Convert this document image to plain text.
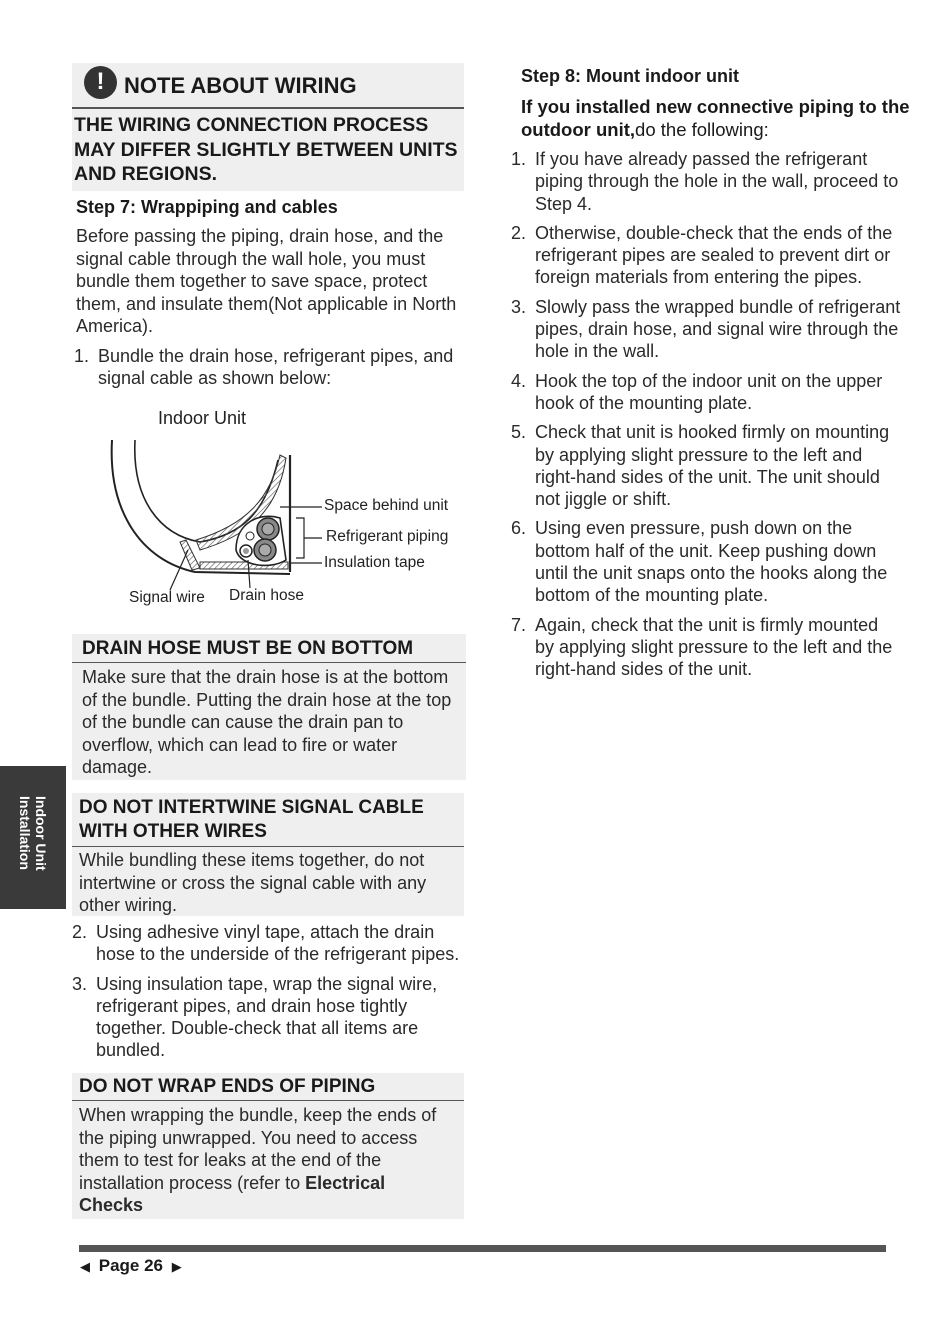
! NOTE ABOUT WIRING
THE WIRING CONNECTION PROCESS MAY DIFFER SLIGHTLY BETWEEN UNITS AND REGIONS.
Step 7: Wrappiping and cables
Before passing the piping, drain hose, and the signal cable through the wall hole, you must bundle them together to save space, protect them, and insulate them(Not applicable in North America).
1. Bundle the drain hose, refrigerant pipes, and signal cable as shown below:
Indoor Unit
Space behind unit
Refrigerant piping
Insulation tape
Signal wire Drain hose
DRAIN HOSE MUST BE ON BOTTOM
Make sure that the drain hose is at the bottom of the bundle. Putting the drain hose at the top of the bundle can cause the drain pan to overflow, which can lead to fire or water damage.
DO NOT INTERTWINE SIGNAL CABLE WITH OTHER WIRES
While bundling these items together, do not intertwine or cross the signal cable with any other wiring.
2. Using adhesive vinyl tape, attach the drain hose to the underside of the refrigerant pipes.
3. Using insulation tape, wrap the signal wire, refrigerant pipes, and drain hose tightly together. Double-check that all items are bundled.
DO NOT WRAP ENDS OF PIPING
When wrapping the bundle, keep the ends of the piping unwrapped. You need to access them to test for leaks at the end of the installation process (refer to Electrical Checks
Indoor Unit
Installation
Step 8: Mount indoor unit
If you installed new connective piping to the outdoor unit,do the following:
1. If you have already passed the refrigerant piping through the hole in the wall, proceed to Step 4.
2. Otherwise, double-check that the ends of the refrigerant pipes are sealed to prevent dirt or foreign materials from entering the pipes.
3. Slowly pass the wrapped bundle of refrigerant pipes, drain hose, and signal wire through the hole in the wall.
4. Hook the top of the indoor unit on the upper hook of the mounting plate.
5. Check that unit is hooked firmly on mounting by applying slight pressure to the left and right-hand sides of the unit. The unit should not jiggle or shift.
6. Using even pressure, push down on the bottom half of the unit. Keep pushing down until the unit snaps onto the hooks along the bottom of the mounting plate.
7. Again, check that the unit is firmly mounted by applying slight pressure to the left and the right-hand sides of the unit.
◀ Page 26 ▶
